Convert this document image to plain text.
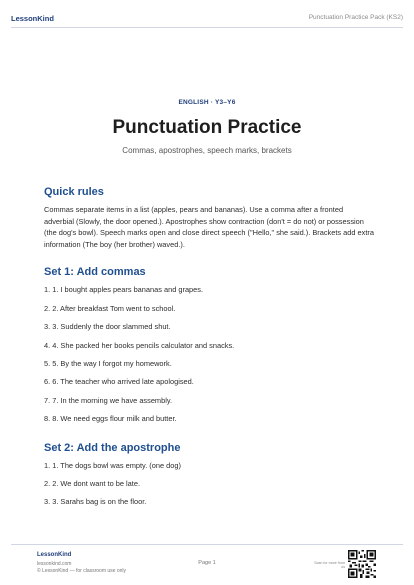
LessonKind	Punctuation Practice Pack (KS2)
ENGLISH · Y3–Y6
Punctuation Practice
Commas, apostrophes, speech marks, brackets
Quick rules
Commas separate items in a list (apples, pears and bananas). Use a comma after a fronted adverbial (Slowly, the door opened.). Apostrophes show contraction (don't = do not) or possession (the dog's bowl). Speech marks open and close direct speech ("Hello," she said.). Brackets add extra information (The boy (her brother) waved.).
Set 1: Add commas
1. 1. I bought apples pears bananas and grapes.
2. 2. After breakfast Tom went to school.
3. 3. Suddenly the door slammed shut.
4. 4. She packed her books pencils calculator and snacks.
5. 5. By the way I forgot my homework.
6. 6. The teacher who arrived late apologised.
7. 7. In the morning we have assembly.
8. 8. We need eggs flour milk and butter.
Set 2: Add the apostrophe
1. 1. The dogs bowl was empty. (one dog)
2. 2. We dont want to be late.
3. 3. Sarahs bag is on the floor.
LessonKind
lessonkind.com
© LessonKind — for classroom use only
Page 1	Scan for more from us
